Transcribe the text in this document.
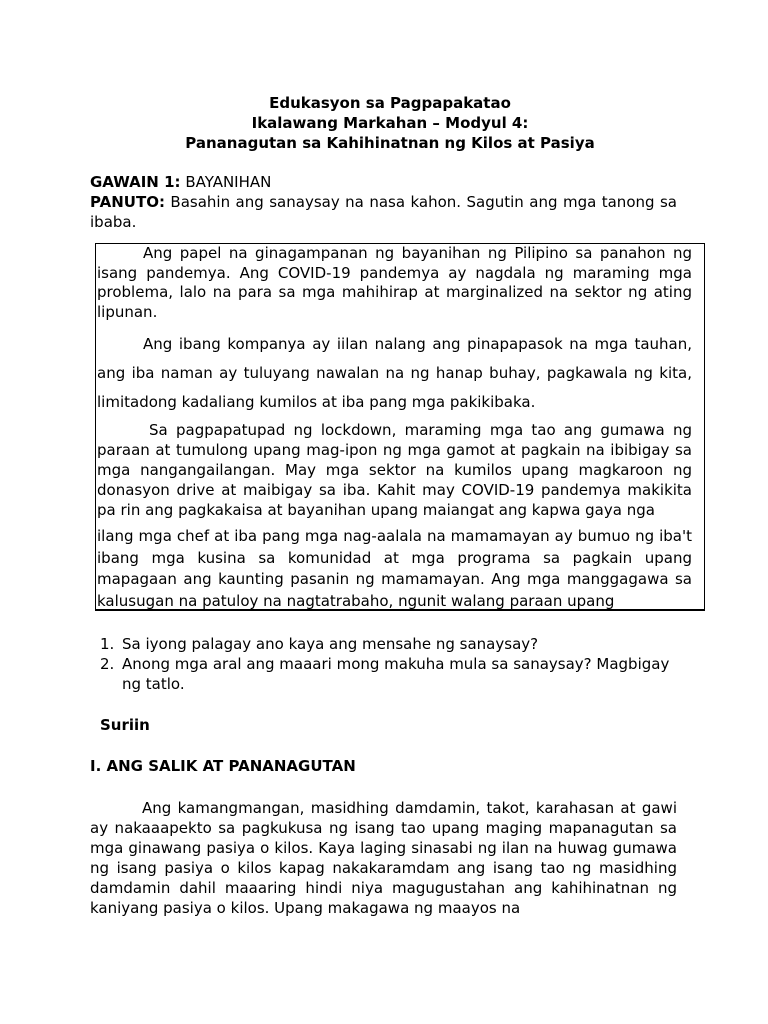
Edukasyon sa Pagpapakatao
Ikalawang Markahan – Modyul 4:
Pananagutan sa Kahihinatnan ng Kilos at Pasiya
GAWAIN 1: BAYANIHAN
PANUTO: Basahin ang sanaysay na nasa kahon. Sagutin ang mga tanong sa ibaba.

Ang papel na ginagampanan ng bayanihan ng Pilipino sa panahon ng isang pandemya. Ang COVID-19 pandemya ay nagdala ng maraming mga problema, lalo na para sa mga mahihirap at marginalized na sektor ng ating lipunan.

Ang ibang kompanya ay iilan nalang ang pinapapasok na mga tauhan, ang iba naman ay tuluyang nawalan na ng hanap buhay, pagkawala ng kita, limitadong kadaliang kumilos at iba pang mga pakikibaka.

Sa pagpapatupad ng lockdown, maraming mga tao ang gumawa ng paraan at tumulong upang mag-ipon ng mga gamot at pagkain na ibibigay sa mga nangangailangan. May mga sektor na kumilos upang magkaroon ng donasyon drive at maibigay sa iba. Kahit may COVID-19 pandemya makikita pa rin ang pagkakaisa at bayanihan upang maiangat ang kapwa gaya nga

ilang mga chef at iba pang mga nag-aalala na mamamayan ay bumuo ng iba't ibang mga kusina sa komunidad at mga programa sa pagkain upang mapagaan ang kaunting pasanin ng mamamayan. Ang mga manggagawa sa kalusugan na patuloy na nagtatrabaho, ngunit walang paraan upang

1. Sa iyong palagay ano kaya ang mensahe ng sanaysay?
2. Anong mga aral ang maaari mong makuha mula sa sanaysay? Magbigay ng tatlo.
Suriin
I. ANG SALIK AT PANANAGUTAN

Ang kamangmangan, masidhing damdamin, takot, karahasan at gawi ay nakaaapekto sa pagkukusa ng isang tao upang maging mapanagutan sa mga ginawang pasiya o kilos. Kaya laging sinasabi ng ilan na huwag gumawa ng isang pasiya o kilos kapag nakakaramdam ang isang tao ng masidhing damdamin dahil maaaring hindi niya magugustahan ang kahihinatnan ng kaniyang pasiya o kilos. Upang makagawa ng maayos na
